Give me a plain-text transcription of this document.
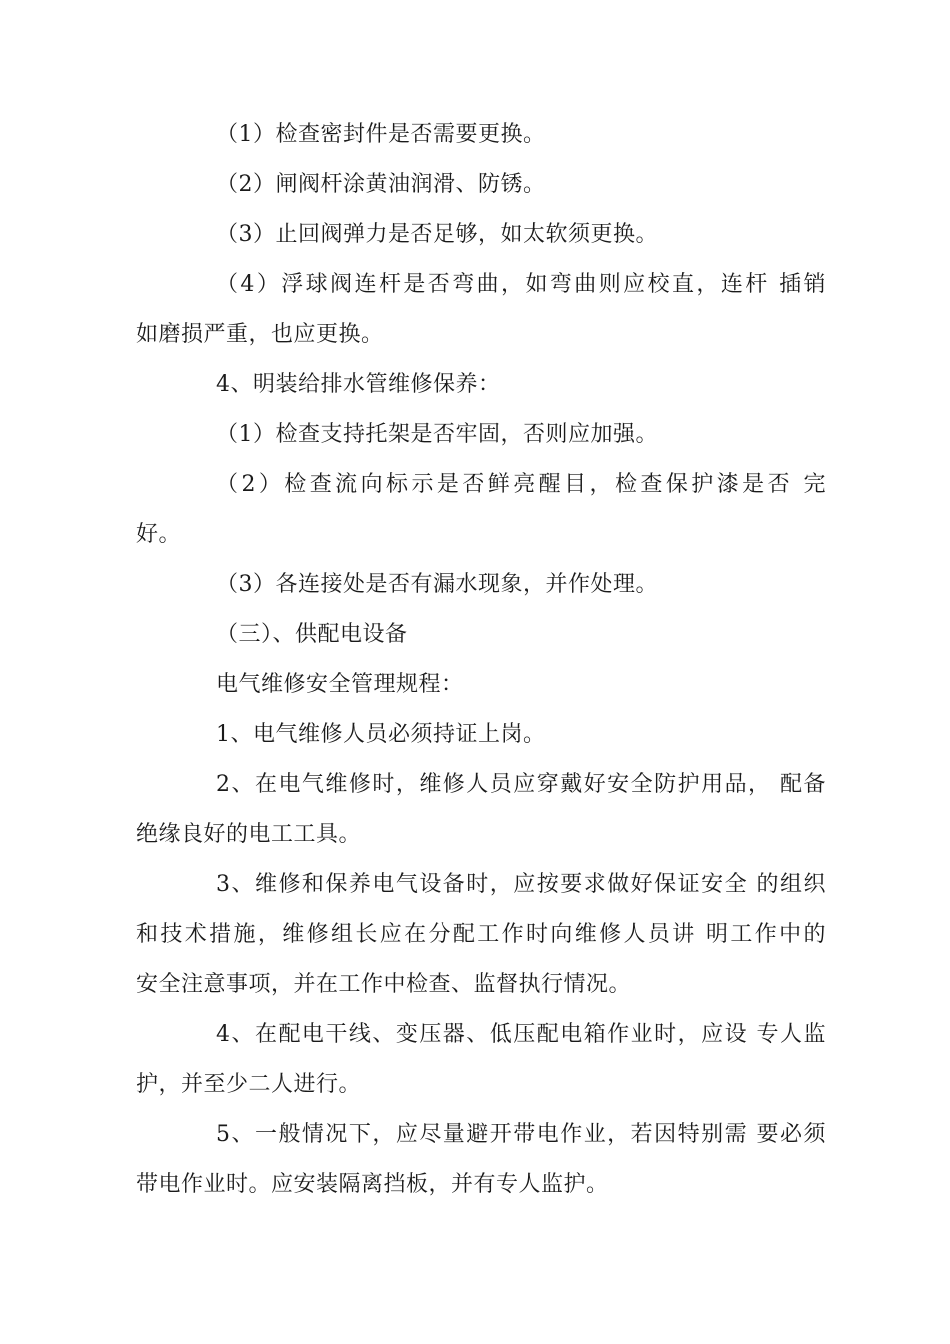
（1）检查密封件是否需要更换。
（2）闸阀杆涂黄油润滑、防锈。
（3）止回阀弹力是否足够，如太软须更换。
（4）浮球阀连杆是否弯曲，如弯曲则应校直，连杆 插销
如磨损严重，也应更换。
4、明装给排水管维修保养：
（1）检查支持托架是否牢固，否则应加强。
（2）检查流向标示是否鲜亮醒目，检查保护漆是否 完
好。
（3）各连接处是否有漏水现象，并作处理。
（三）、供配电设备
电气维修安全管理规程：
1、电气维修人员必须持证上岗。
2、在电气维修时，维修人员应穿戴好安全防护用品， 配备
绝缘良好的电工工具。
3、维修和保养电气设备时，应按要求做好保证安全 的组织
和技术措施，维修组长应在分配工作时向维修人员讲 明工作中的
安全注意事项，并在工作中检查、监督执行情况。
4、在配电干线、变压器、低压配电箱作业时，应设 专人监
护，并至少二人进行。
5、一般情况下，应尽量避开带电作业，若因特别需 要必须
带电作业时。应安装隔离挡板，并有专人监护。
